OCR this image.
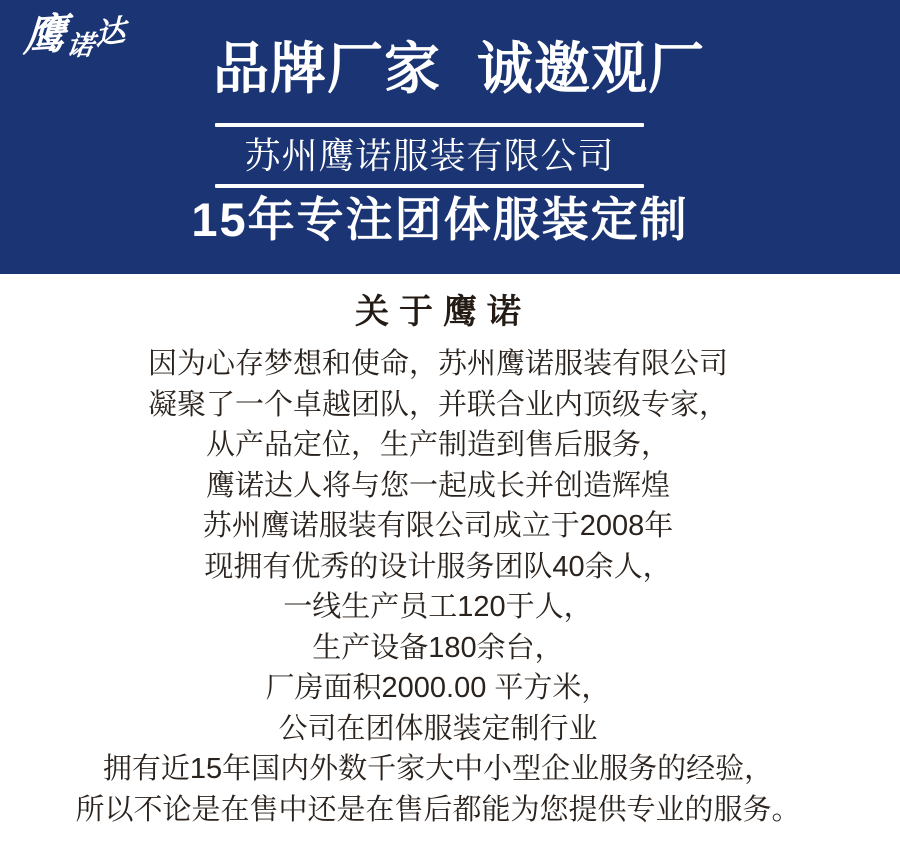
鹰诺达
品牌厂家 诚邀观厂
苏州鹰诺服装有限公司
15年专注团体服装定制
关于鹰诺
因为心存梦想和使命，苏州鹰诺服装有限公司
凝聚了一个卓越团队，并联合业内顶级专家，
从产品定位，生产制造到售后服务，
鹰诺达人将与您一起成长并创造辉煌
苏州鹰诺服装有限公司成立于2008年
现拥有优秀的设计服务团队40余人，
一线生产员工120于人，
生产设备180余台，
厂房面积2000.00 平方米，
公司在团体服装定制行业
拥有近15年国内外数千家大中小型企业服务的经验，
所以不论是在售中还是在售后都能为您提供专业的服务。
